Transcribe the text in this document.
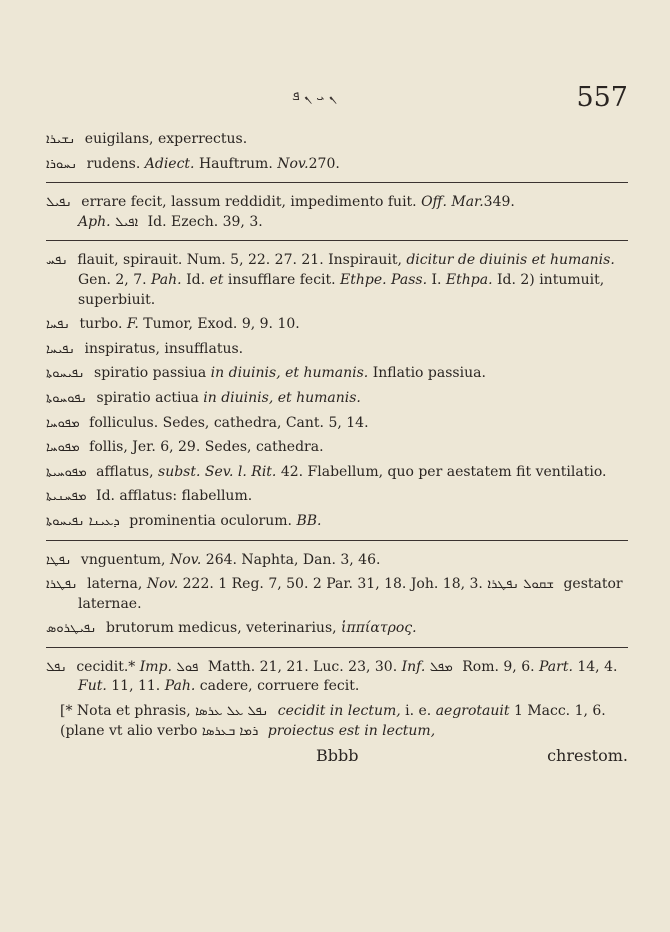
ܢ ܝ ܢ ܦ	557
ܢܫܝܪܐ euigilans, experrectus.
ܢܚܘܪܐ rudens. Adiect. Hauftrum. Nov.270.
ܢܦܝܠ errare fecit, lassum reddidit, impedimento fuit. Off. Mar.349.
Aph. ܐܦܝܠ Id. Ezech. 39, 3.
ܢܦܚ flauit, spirauit. Num. 5, 22. 27. 21. Inspirauit, dicitur de diuinis et humanis. Gen. 2, 7. Pah. Id. et insufflare fecit. Ethpe. Pass. I. Ethpa. Id. 2) intumuit, superbiuit.
ܢܦܚܐ turbo. F. Tumor, Exod. 9, 9. 10.
ܢܦܝܚܐ inspiratus, insufflatus.
ܢܦܝܚܘܬܐ spiratio passiua in diuinis, et humanis. Inflatio passiua.
ܢܦܘܚܘܬܐ spiratio actiua in diuinis, et humanis.
ܡܦܘܚܐ folliculus. Sedes, cathedra, Cant. 5, 14.
ܡܦܘܚܐ follis, Jer. 6, 29. Sedes, cathedra.
ܡܦܘܚܝܬܐ afflatus, subst. Sev. l. Rit. 42. Flabellum, quo per aestatem fit ventilatio.
ܡܦܚܢܝܬܐ Id. afflatus: flabellum.
ܕܥܝܢܐ ܢܦܝܚܘܬܐ prominentia oculorum. BB.
ܢܦܛܐ vnguentum, Nov. 264. Naphta, Dan. 3, 46.
ܢܦܛܪܐ laterna, Nov. 222. 1 Reg. 7, 50. 2 Par. 31, 18. Joh. 18, 3. ܫܩܘܠ ܢܦܛܪܐ gestator laternae.
ܢܦܝܛܪܘܣ brutorum medicus, veterinarius, ἱππίατρος.
ܢܦܠ cecidit.* Imp. ܦܘܠ Matth. 21, 21. Luc. 23, 30. Inf. ܡܦܠ Rom. 9, 6. Part. 14, 4. Fut. 11, 11. Pah. cadere, corruere fecit.
[* Nota et phrasis, ܢܦܠ ܥܠ ܥܪܣܐ cecidit in lectum, i. e. aegrotauit 1 Macc. 1, 6. (plane vt alio verbo ܪܡܐ ܒܥܪܣܐ proiectus est in lectum,
Bbbb	chrestom.
